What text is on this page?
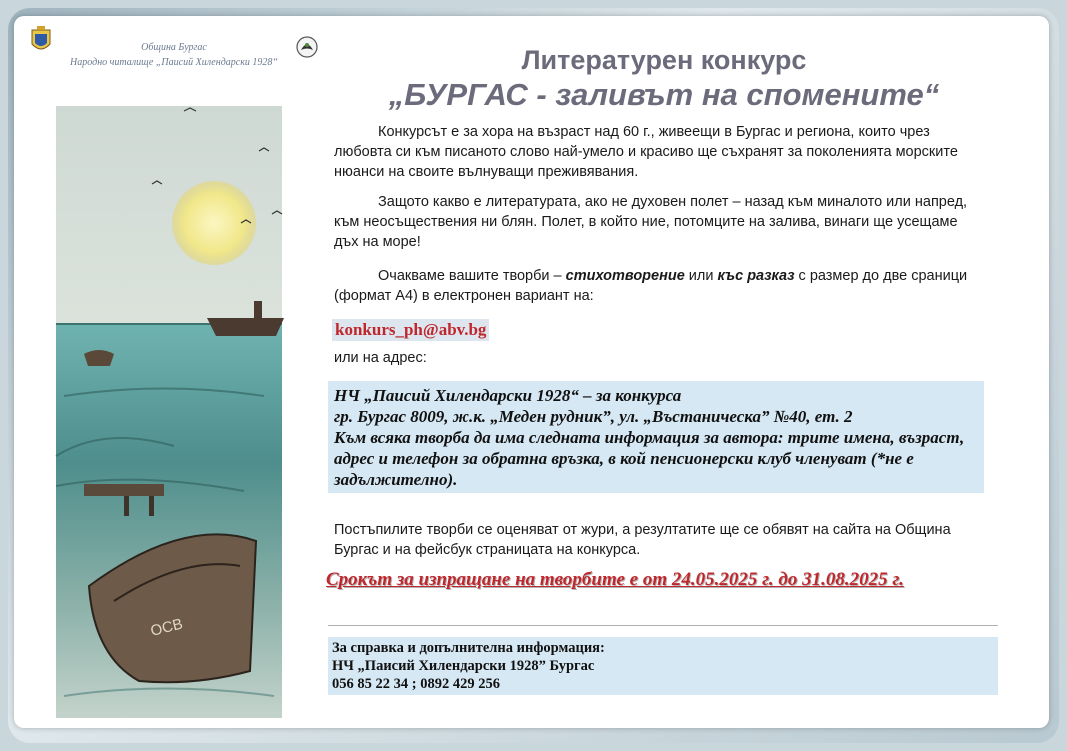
Община Бургас
Народно читалище „Паисий Хилендарски 1928“
ОСВ
Литературен конкурс
„БУРГАС - заливът на спомените“
Конкурсът е за хора на възраст над 60 г., живеещи в Бургас и региона, които чрез любовта си към писаното слово най-умело и красиво ще съхранят за поколенията морските нюанси на своите вълнуващи преживявания.
Защото какво е литературата, ако не духовен полет – назад към миналото или напред, към неосъществения ни блян. Полет, в който ние, потомците на залива, винаги ще усещаме дъх на море!
Очакваме вашите творби – стихотворение или къс разказ с размер до две сраници (формат А4) в електронен вариант на:
konkurs_ph@abv.bg
или на адрес:
НЧ „Паисий Хилендарски 1928“ – за конкурса
гр. Бургас 8009, ж.к. „Меден рудник”, ул. „Въстаническа” №40, ет. 2
Към всяка творба да има следната информация за автора: трите имена, възраст, адрес и телефон за обратна връзка, в кой пенсионерски клуб членуват (*не е задължително).
Постъпилите творби се оценяват от жури, а резултатите ще се обявят на сайта на Община Бургас и на фейсбук страницата на конкурса.
Срокът за изпращане на творбите е от 24.05.2025 г. до 31.08.2025 г.
За справка и допълнителна информация:
НЧ „Паисий Хилендарски 1928” Бургас
056 85 22 34 ; 0892 429 256
